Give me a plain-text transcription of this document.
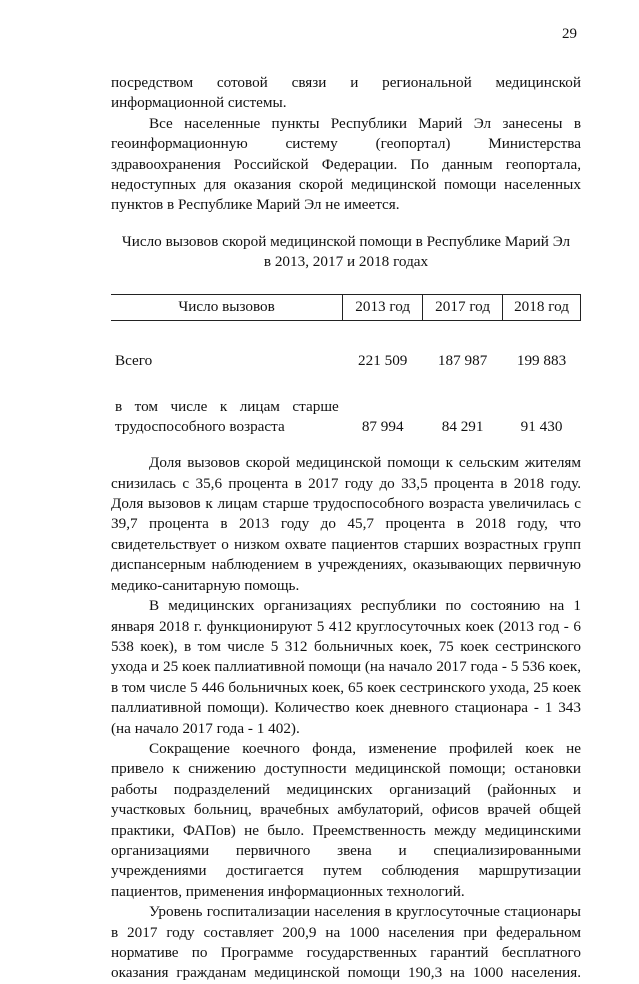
29

посредством сотовой связи и региональной медицинской информационной системы.

Все населенные пункты Республики Марий Эл занесены в геоинформационную систему (геопортал) Министерства здравоохранения Российской Федерации. По данным геопортала, недоступных для оказания скорой медицинской помощи населенных пунктов в Республике Марий Эл не имеется.

Число вызовов скорой медицинской помощи в Республике Марий Эл
в 2013, 2017 и 2018 годах
Число вызовов	2013 год	2017 год	2018 год
Всего	221 509	187 987	199 883

в том числе к лицам старше трудоспособного возраста	87 994	84 291	91 430

Доля вызовов скорой медицинской помощи к сельским жителям снизилась с 35,6 процента в 2017 году до 33,5 процента в 2018 году. Доля вызовов к лицам старше трудоспособного возраста увеличилась с 39,7 процента в 2013 году до 45,7 процента в 2018 году, что свидетельствует о низком охвате пациентов старших возрастных групп диспансерным наблюдением в учреждениях, оказывающих первичную медико-санитарную помощь.

В медицинских организациях республики по состоянию на 1 января 2018 г. функционируют 5 412 круглосуточных коек (2013 год - 6 538 коек), в том числе 5 312 больничных коек, 75 коек сестринского ухода и 25 коек паллиативной помощи (на начало 2017 года - 5 536 коек, в том числе 5 446 больничных коек, 65 коек сестринского ухода, 25 коек паллиативной помощи). Количество коек дневного стационара - 1 343 (на начало 2017 года - 1 402).

Сокращение коечного фонда, изменение профилей коек не привело к снижению доступности медицинской помощи; остановки работы подразделений медицинских организаций (районных и участковых больниц, врачебных амбулаторий, офисов врачей общей практики, ФАПов) не было. Преемственность между медицинскими организациями первичного звена и специализированными учреждениями достигается путем соблюдения маршрутизации пациентов, применения информационных технологий.

Уровень госпитализации населения в круглосуточные стационары в 2017 году составляет 200,9 на 1000 населения при федеральном нормативе по Программе государственных гарантий бесплатного оказания гражданам медицинской помощи 190,3 на 1000 населения.
